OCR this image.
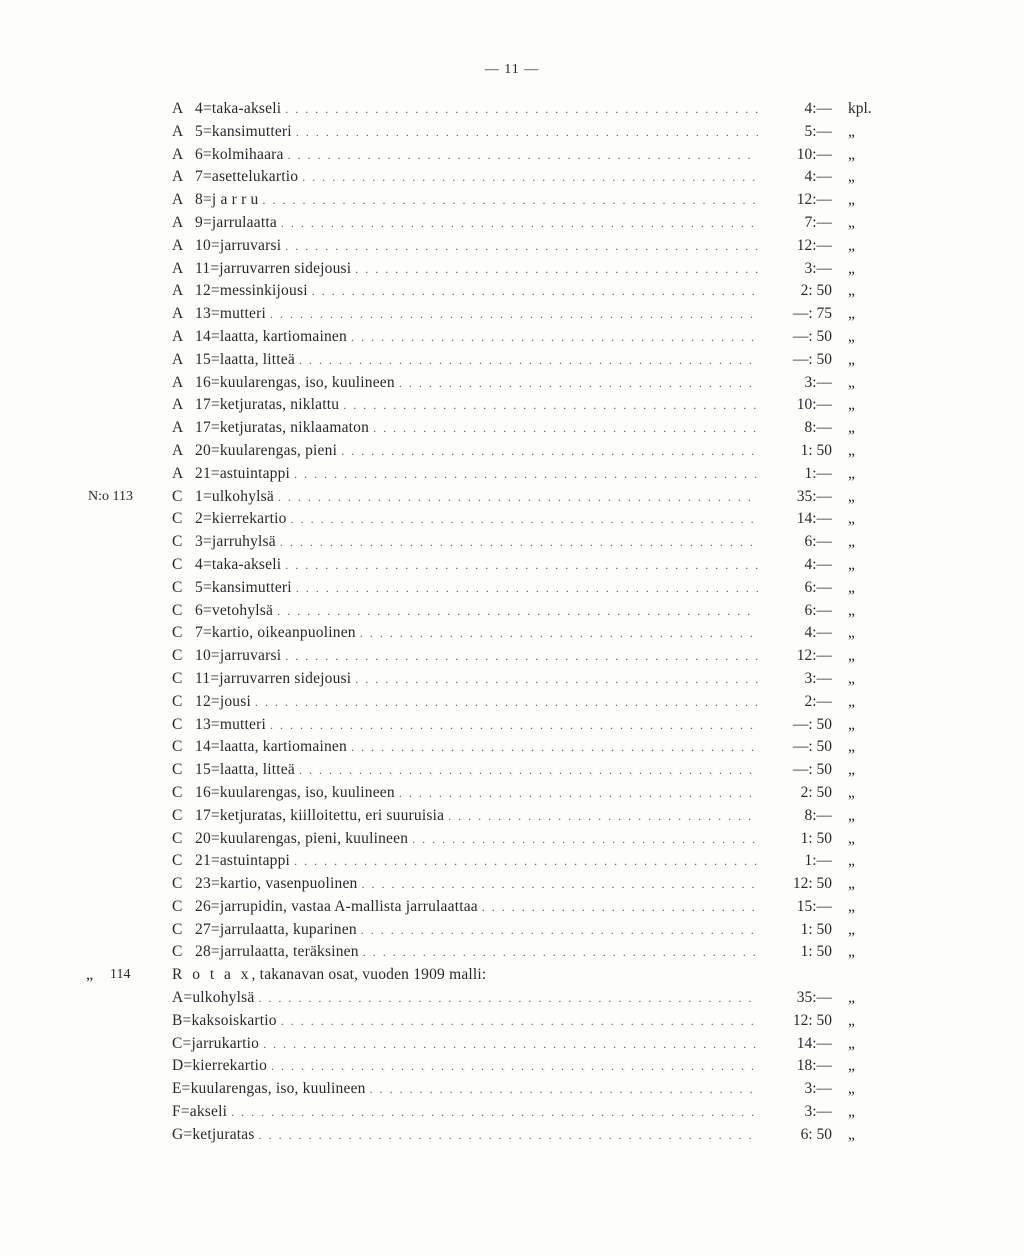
— 11 —
A 4=taka-akseli . . .	4:— kpl.
A 5=kansimutteri . . .	5:— „
A 6=kolmihaara . . .	10:— „
A 7=asettelukartio . . .	4:— „
A 8=j a r r u . . .	12:— „
A 9=jarrulaatta . . .	7:— „
A 10=jarruvarsi . . .	12:— „
A 11=jarruvarren sidejousi . . .	3:— „
A 12=messinkijousi . . .	2: 50 „
A 13=mutteri . . .	—: 75 „
A 14=laatta, kartiomainen . . .	—: 50 „
A 15=laatta, litteä . . .	—: 50 „
A 16=kuularengas, iso, kuulineen . . .	3:— „
A 17=ketjuratas, niklattu . . .	10:— „
A 17=ketjuratas, niklaamaton . . .	8:— „
A 20=kuularengas, pieni . . .	1: 50 „
A 21=astuintappi . . .	1:— „
N:o 113	C 1=ulkohylsä . . .	35:— „
C 2=kierrekartio . . .	14:— „
C 3=jarruhylsä . . .	6:— „
C 4=taka-akseli . . .	4:— „
C 5=kansimutteri . . .	6:— „
C 6=vetohylsä . . .	6:— „
C 7=kartio, oikeanpuolinen . . .	4:— „
C 10=jarruvarsi . . .	12:— „
C 11=jarruvarren sidejousi . . .	3:— „
C 12=jousi . . .	2:— „
C 13=mutteri . . .	—: 50 „
C 14=laatta, kartiomainen . . .	—: 50 „
C 15=laatta, litteä . . .	—: 50 „
C 16=kuularengas, iso, kuulineen . . .	2: 50 „
C 17=ketjuratas, kiilloitettu, eri suuruisia . . .	8:— „
C 20=kuularengas, pieni, kuulineen . . .	1: 50 „
C 21=astuintappi . . .	1:— „
C 23=kartio, vasenpuolinen . . .	12: 50 „
C 26=jarrupidin, vastaa A-mallista jarrulaattaa . . .	15:— „
C 27=jarrulaatta, kuparinen . . .	1: 50 „
C 28=jarrulaatta, teräksinen . . .	1: 50 „
„ 114	R o t a x, takanavan osat, vuoden 1909 malli:
A=ulkohylsä . . .	35:— „
B=kaksoiskartio . . .	12: 50 „
C=jarrukartio . . .	14:— „
D=kierrekartio . . .	18:— „
E=kuularengas, iso, kuulineen . . .	3:— „
F=akseli . . .	3:— „
G=ketjuratas . . .	6: 50 „
